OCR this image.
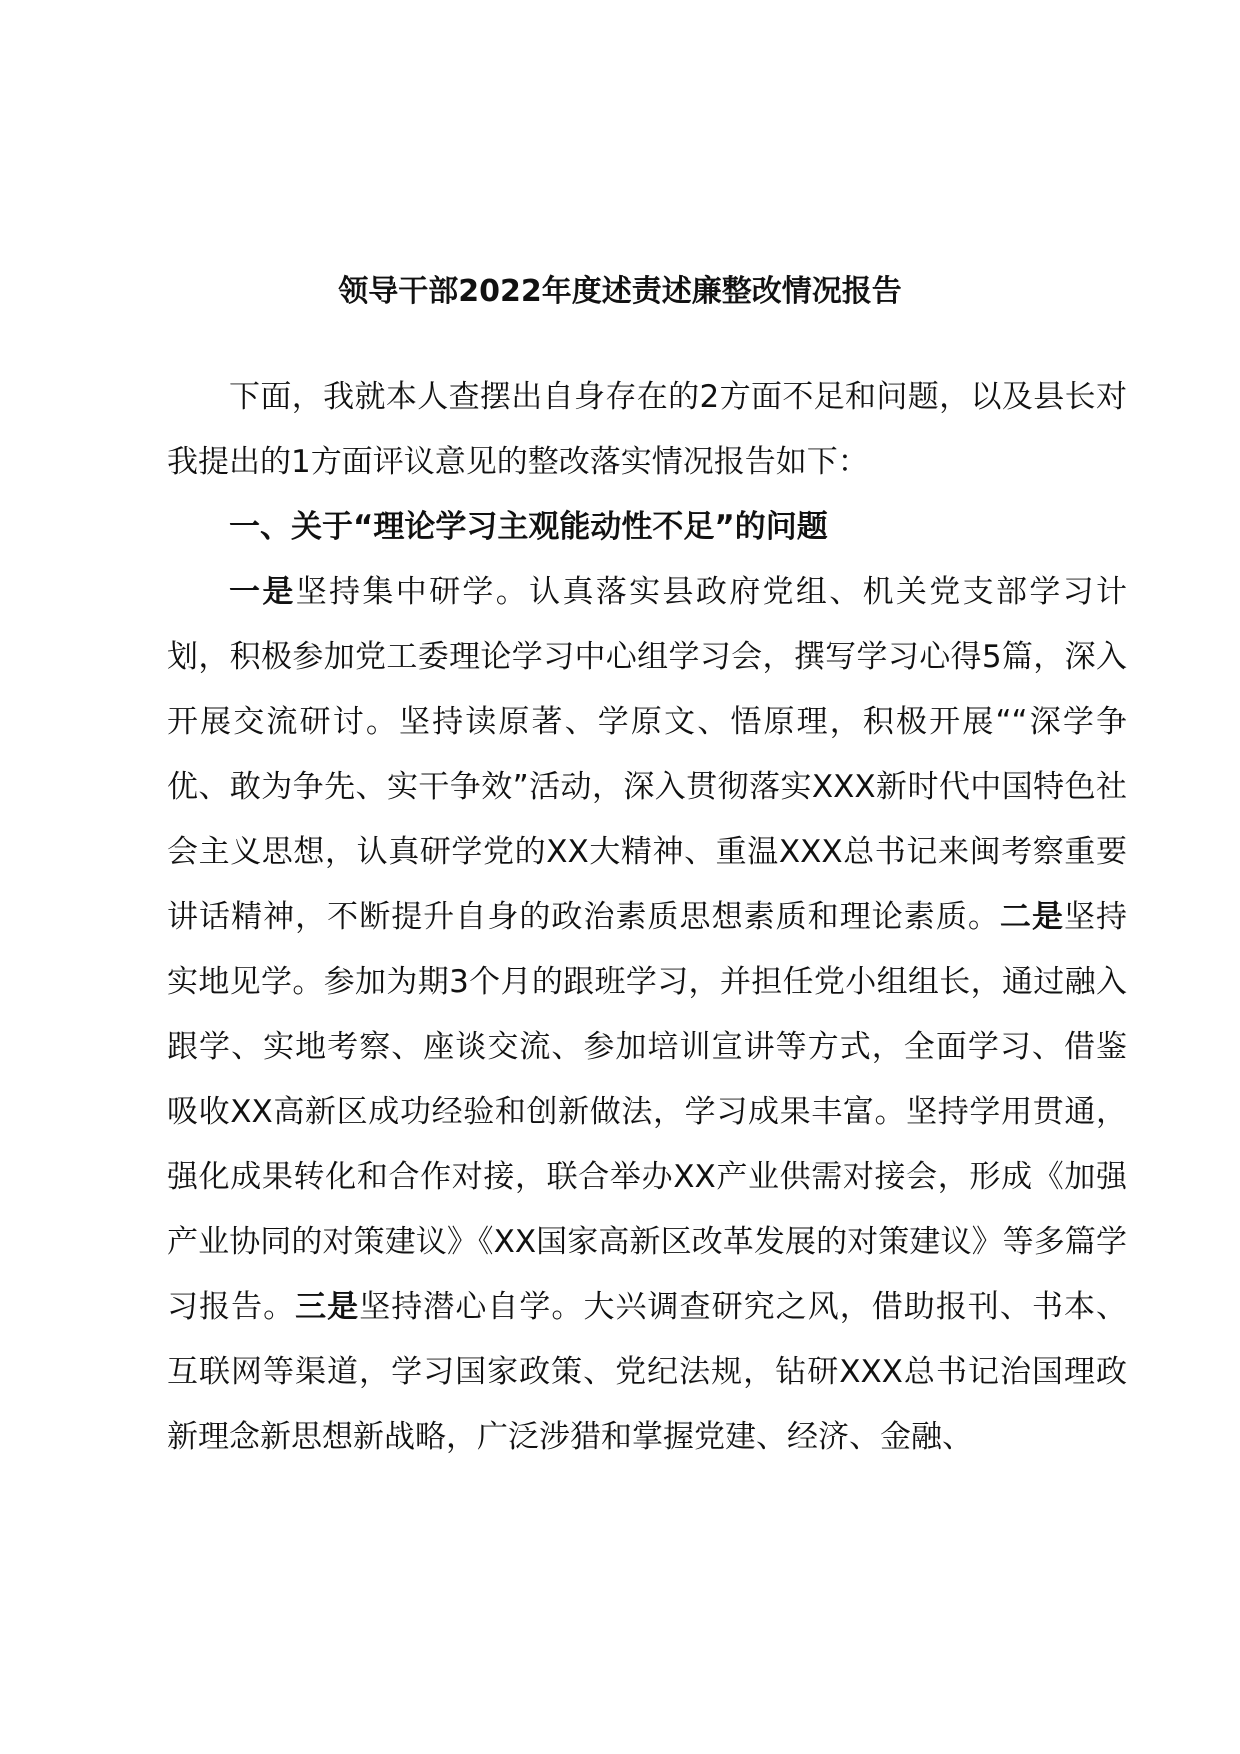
领导干部2022年度述责述廉整改情况报告

下面，我就本人查摆出自身存在的2方面不足和问题，以及县长对我提出的1方面评议意见的整改落实情况报告如下：

一、关于“理论学习主观能动性不足”的问题

一是坚持集中研学。认真落实县政府党组、机关党支部学习计划，积极参加党工委理论学习中心组学习会，撰写学习心得5篇，深入开展交流研讨。坚持读原著、学原文、悟原理，积极开展““深学争优、敢为争先、实干争效”活动，深入贯彻落实XXX新时代中国特色社会主义思想，认真研学党的XX大精神、重温XXX总书记来闽考察重要讲话精神，不断提升自身的政治素质思想素质和理论素质。二是坚持实地见学。参加为期3个月的跟班学习，并担任党小组组长，通过融入跟学、实地考察、座谈交流、参加培训宣讲等方式，全面学习、借鉴吸收XX高新区成功经验和创新做法，学习成果丰富。坚持学用贯通，强化成果转化和合作对接，联合举办XX产业供需对接会，形成《加强产业协同的对策建议》《XX国家高新区改革发展的对策建议》等多篇学习报告。三是坚持潜心自学。大兴调查研究之风，借助报刊、书本、互联网等渠道，学习国家政策、党纪法规，钻研XXX总书记治国理政新理念新思想新战略，广泛涉猎和掌握党建、经济、金融、
